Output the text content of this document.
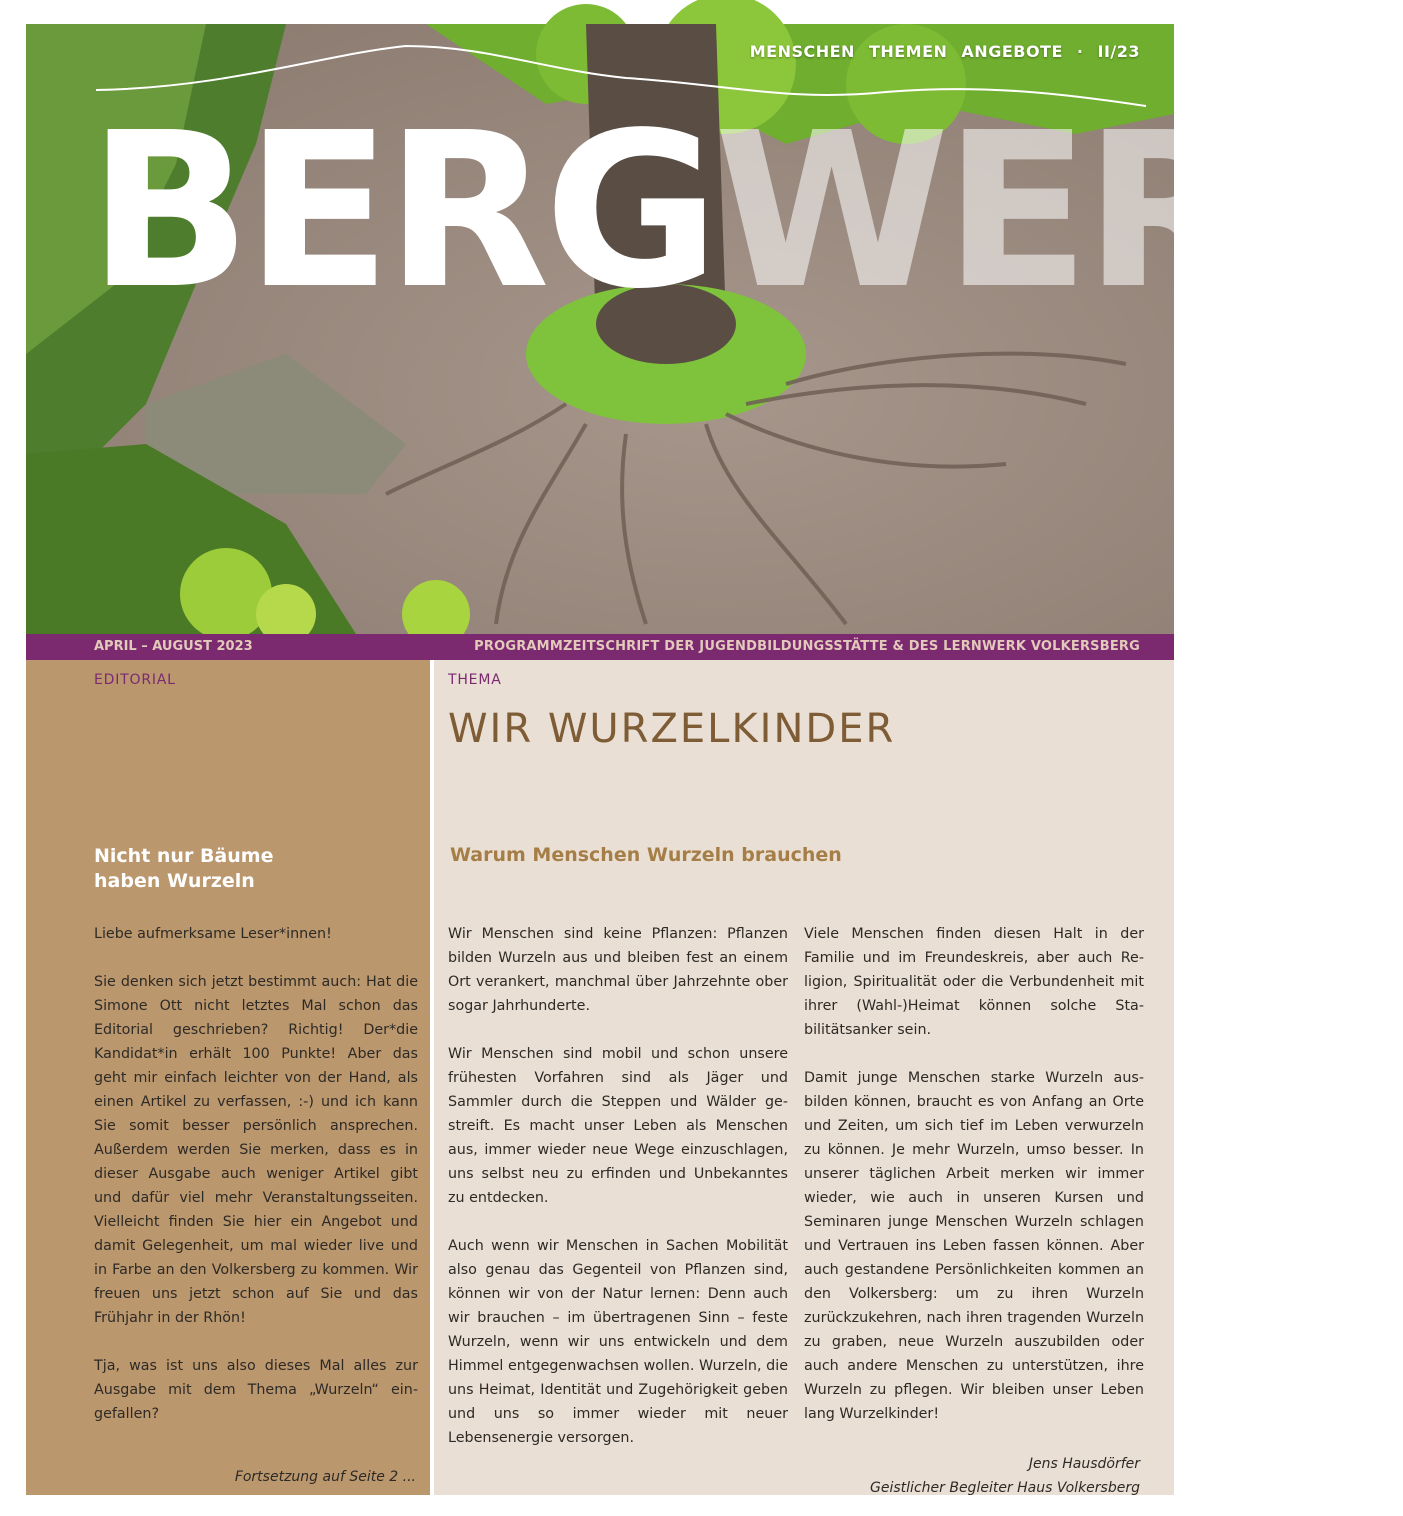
MENSCHEN THEMEN ANGEBOTE · II/23
BERGWERK
APRIL – AUGUST 2023	PROGRAMMZEITSCHRIFT DER JUGENDBILDUNGSSTÄTTE & DES LERNWERK VOLKERSBERG
EDITORIAL
Nicht nur Bäume
haben Wurzeln

Liebe aufmerksame Leser*innen!

Sie denken sich jetzt bestimmt auch: Hat die Simone Ott nicht letztes Mal schon das Editorial geschrieben? Richtig! Der*die Kandidat*in erhält 100 Punkte! Aber das geht mir einfach leichter von der Hand, als einen Artikel zu verfassen, :-) und ich kann Sie somit besser persönlich ansprechen. Außerdem werden Sie merken, dass es in dieser Ausgabe auch weniger Artikel gibt und dafür viel mehr Veranstaltungsseiten. Vielleicht finden Sie hier ein Angebot und damit Gelegenheit, um mal wieder live und in Farbe an den Volkersberg zu kommen. Wir freuen uns jetzt schon auf Sie und das Frühjahr in der Rhön!

Tja, was ist uns also dieses Mal alles zur Ausgabe mit dem Thema „Wurzeln“ eingefallen?

Fortsetzung auf Seite 2 ...
THEMA
WIR WURZELKINDER
Warum Menschen Wurzeln brauchen

Wir Menschen sind keine Pflanzen: Pflanzen bilden Wurzeln aus und bleiben fest an einem Ort verankert, manchmal über Jahrzehnte ober sogar Jahrhunderte.

Wir Menschen sind mobil und schon unsere frühesten Vorfahren sind als Jäger und Sammler durch die Steppen und Wälder gestreift. Es macht unser Leben als Menschen aus, immer wieder neue Wege einzuschlagen, uns selbst neu zu erfinden und Unbekanntes zu entdecken.

Auch wenn wir Menschen in Sachen Mobilität also genau das Gegenteil von Pflanzen sind, können wir von der Natur lernen: Denn auch wir brauchen – im übertragenen Sinn – feste Wurzeln, wenn wir uns entwickeln und dem Himmel entgegenwachsen wollen. Wurzeln, die uns Heimat, Identität und Zugehörigkeit geben und uns so immer wieder mit neuer Lebensenergie versorgen.

Viele Menschen finden diesen Halt in der Familie und im Freundeskreis, aber auch Religion, Spiritualität oder die Verbundenheit mit ihrer (Wahl-)Heimat können solche Stabilitätsanker sein.

Damit junge Menschen starke Wurzeln ausbilden können, braucht es von Anfang an Orte und Zeiten, um sich tief im Leben verwurzeln zu können. Je mehr Wurzeln, umso besser. In unserer täglichen Arbeit merken wir immer wieder, wie auch in unseren Kursen und Seminaren junge Menschen Wurzeln schlagen und Vertrauen ins Leben fassen können. Aber auch gestandene Persönlichkeiten kommen an den Volkersberg: um zu ihren Wurzeln zurückzukehren, nach ihren tragenden Wurzeln zu graben, neue Wurzeln auszubilden oder auch andere Menschen zu unterstützen, ihre Wurzeln zu pflegen. Wir bleiben unser Leben lang Wurzelkinder!

Jens Hausdörfer
Geistlicher Begleiter Haus Volkersberg
